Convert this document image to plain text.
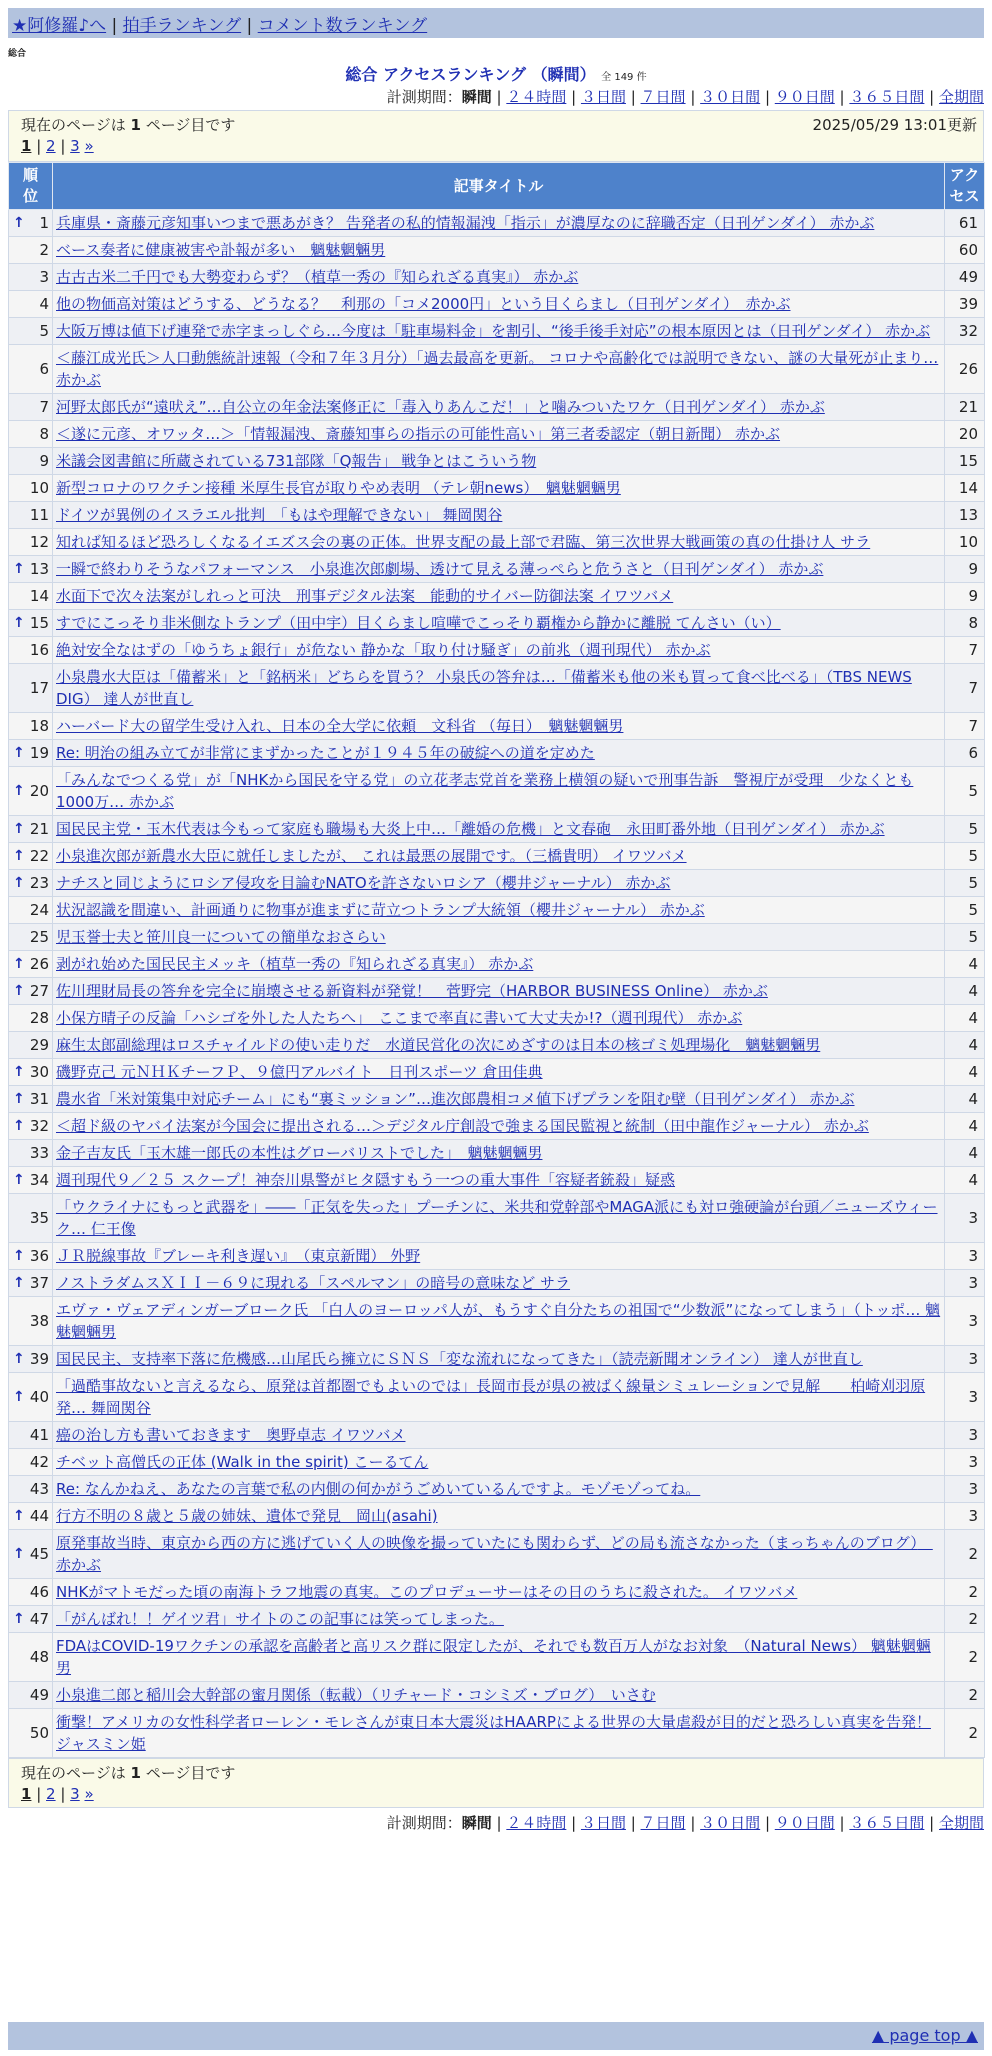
★阿修羅♪へ | 拍手ランキング | コメント数ランキング
総合
総合 アクセスランキング （瞬間） 全 149 件
計測期間：瞬間 | ２４時間 | ３日間 | ７日間 | ３０日間 | ９０日間 | ３６５日間 | 全期間
現在のページは 1 ページ目です	2025/05/29 13:01更新
1 | 2 | 3 »
順
位	記事タイトル	アク
セス

↑ 1	兵庫県・斎藤元彦知事いつまで悪あがき？ 告発者の私的情報漏洩「指示」が濃厚なのに辞職否定（日刊ゲンダイ） 赤かぶ	61
2	ベース奏者に健康被害や訃報が多い　魑魅魍魎男	60
3	古古古米二千円でも大勢変わらず？（植草一秀の『知られざる真実』） 赤かぶ	49
4	他の物価高対策はどうする、どうなる？　利那の「コメ2000円」という目くらまし（日刊ゲンダイ）　赤かぶ	39
5	大阪万博は値下げ連発で赤字まっしぐら…今度は「駐車場料金」を割引、“後手後手対応”の根本原因とは（日刊ゲンダイ） 赤かぶ	32
6	＜藤江成光氏＞人口動態統計速報（令和７年３月分）「過去最高を更新。 コロナや高齢化では説明できない、謎の大量死が止まり… 赤かぶ	26
7	河野太郎氏が“遠吠え”…自公立の年金法案修正に「毒入りあんこだ！」と噛みついたワケ（日刊ゲンダイ） 赤かぶ	21
8	＜遂に元彦、オワッタ…＞「情報漏洩、斎藤知事らの指示の可能性高い」第三者委認定（朝日新聞） 赤かぶ	20
9	米議会図書館に所蔵されている731部隊「Q報告」 戦争とはこういう物	15
10	新型コロナのワクチン接種 米厚生長官が取りやめ表明 （テレ朝news）　魑魅魍魎男	14
11	ドイツが異例のイスラエル批判　「もはや理解できない」 舞岡関谷	13
12	知れば知るほど恐ろしくなるイエズス会の裏の正体。世界支配の最上部で君臨、第三次世界大戦画策の真の仕掛け人 サラ	10

↑ 13	一瞬で終わりそうなパフォーマンス　小泉進次郎劇場、透けて見える薄っぺらと危うさと（日刊ゲンダイ） 赤かぶ	9
14	水面下で次々法案がしれっと可決　刑事デジタル法案　能動的サイバー防御法案 イワツバメ	9

↑ 15	すでにこっそり非米側なトランプ（田中宇）目くらまし喧嘩でこっそり覇権から静かに離脱 てんさい（い）	8
16	絶対安全なはずの「ゆうちょ銀行」が危ない 静かな「取り付け騒ぎ」の前兆（週刊現代） 赤かぶ	7
17	小泉農水大臣は「備蓄米」と「銘柄米」どちらを買う？ 小泉氏の答弁は…「備蓄米も他の米も買って食べ比べる」（TBS NEWS DIG） 達人が世直し	7
18	ハーバード大の留学生受け入れ、日本の全大学に依頼　文科省 （毎日）　魑魅魍魎男	7

↑ 19	Re: 明治の組み立てが非常にまずかったことが１９４５年の破綻への道を定めた	6

↑ 20	「みんなでつくる党」が「NHKから国民を守る党」の立花孝志党首を業務上横領の疑いで刑事告訴　警視庁が受理　少なくとも1000万… 赤かぶ	5

↑ 21	国民民主党・玉木代表は今もって家庭も職場も大炎上中…「離婚の危機」と文春砲　永田町番外地（日刊ゲンダイ） 赤かぶ	5

↑ 22	小泉進次郎が新農水大臣に就任しましたが、 これは最悪の展開です。（三橋貴明） イワツバメ	5

↑ 23	ナチスと同じようにロシア侵攻を目論むNATOを許さないロシア（櫻井ジャーナル） 赤かぶ	5
24	状況認識を間違い、計画通りに物事が進まずに苛立つトランプ大統領（櫻井ジャーナル） 赤かぶ	5
25	児玉誉士夫と笹川良一についての簡単なおさらい	5

↑ 26	剥がれ始めた国民民主メッキ（植草一秀の『知られざる真実』） 赤かぶ	4

↑ 27	佐川理財局長の答弁を完全に崩壊させる新資料が発覚！　菅野完（HARBOR BUSINESS Online） 赤かぶ	4
28	小保方晴子の反論「ハシゴを外した人たちへ」　ここまで率直に書いて大丈夫か!?（週刊現代） 赤かぶ	4
29	麻生太郎副総理はロスチャイルドの使い走りだ　水道民営化の次にめざすのは日本の核ゴミ処理場化　魑魅魍魎男	4

↑ 30	磯野克己 元ＮＨＫチーフＰ、９億円アルバイト　日刊スポーツ 倉田佳典	4

↑ 31	農水省「米対策集中対応チーム」にも“裏ミッション”…進次郎農相コメ値下げプランを阻む壁（日刊ゲンダイ） 赤かぶ	4

↑ 32	＜超ド級のヤバイ法案が今国会に提出される…＞デジタル庁創設で強まる国民監視と統制（田中龍作ジャーナル） 赤かぶ	4
33	金子吉友氏「玉木雄一郎氏の本性はグローバリストでした」　魑魅魍魎男	4

↑ 34	週刊現代９／２５ スクープ！神奈川県警がヒタ隠すもう一つの重大事件「容疑者銃殺」疑惑	4
35	「ウクライナにもっと武器を」――「正気を失った」プーチンに、米共和党幹部やMAGA派にも対ロ強硬論が台頭／ニューズウィーク… 仁王像	3

↑ 36	ＪＲ脱線事故『ブレーキ利き遅い』　（東京新聞） 外野	3

↑ 37	ノストラダムスＸＩＩ－６９に現れる「スペルマン」の暗号の意味など サラ	3
38	エヴァ・ヴェアディンガーブローク氏 「白人のヨーロッパ人が、もうすぐ自分たちの祖国で“少数派”になってしまう」（トッポ… 魑魅魍魎男	3

↑ 39	国民民主、支持率下落に危機感…山尾氏ら擁立にＳＮＳ「変な流れになってきた」（読売新聞オンライン） 達人が世直し	3

↑ 40	「過酷事故ないと言えるなら、原発は首都圏でもよいのでは」長岡市長が県の被ばく線量シミュレーションで見解　　柏崎刈羽原発… 舞岡関谷	3
41	癌の治し方も書いておきます　奥野卓志 イワツバメ	3
42	チベット高僧氏の正体 (Walk in the spirit) こーるてん	3
43	Re: なんかねえ、あなたの言葉で私の内側の何かがうごめいているんですよ。モゾモゾってね。	3

↑ 44	行方不明の８歳と５歳の姉妹、遺体で発見　岡山(asahi)	3

↑ 45	原発事故当時、東京から西の方に逃げていく人の映像を撮っていたにも関わらず、どの局も流さなかった（まっちゃんのブログ）　赤かぶ	2
46	NHKがマトモだった頃の南海トラフ地震の真実。このプロデューサーはその日のうちに殺された。 イワツバメ	2

↑ 47	「がんばれ！！ゲイツ君」サイトのこの記事には笑ってしまった。	2
48	FDAはCOVID-19ワクチンの承認を高齢者と高リスク群に限定したが、それでも数百万人がなお対象　（Natural News） 魑魅魍魎男	2
49	小泉進二郎と稲川会大幹部の蜜月関係（転載）（リチャード・コシミズ・ブログ）　いさむ	2
50	衝撃！アメリカの女性科学者ローレン・モレさんが東日本大震災はHAARPによる世界の大量虐殺が目的だと恐ろしい真実を告発！ ジャスミン姫	2
現在のページは 1 ページ目です
1 | 2 | 3 »
計測期間：瞬間 | ２４時間 | ３日間 | ７日間 | ３０日間 | ９０日間 | ３６５日間 | 全期間
▲ page top ▲
